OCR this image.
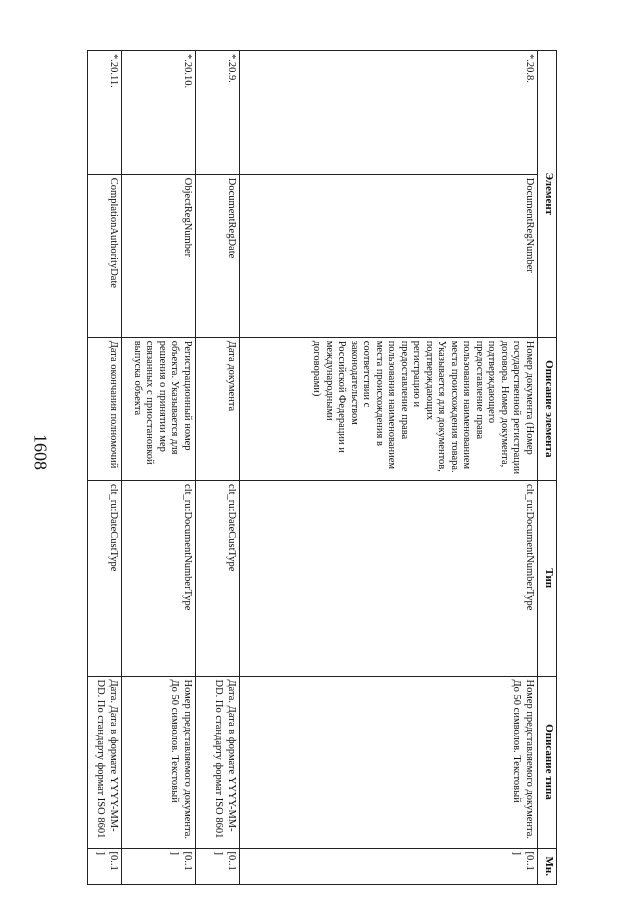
1608
Элемент		Описание элемента	Тип	Описание типа	Мн.
*.20.8.	DocumentRegNumber	Номер документа (Номер государственной регистрации договора. Номер документа, подтверждающего предоставление права пользования наименованием места происхождения товара. Указывается для документов, подтверждающих регистрацию и предоставление права пользования наименованием места происхождения в соответствии с законодательством Российской Федерации и международными договорами)	clt_ru:DocumentNumberType	Номер представляемого документа. До 50 символов. Текстовый	[0..1
]
*.20.9.	DocumentRegDate	Дата документа	clt_ru:DateCustType	Дата. Дата в формате YYYY-MM-DD. По стандарту формат ISO 8601	[0..1
]
*.20.10.	ObjectRegNumber	Регистрационный номер объекта. Указывается для решения о принятии мер связанных с приостановкой выпуска объекта	clt_ru:DocumentNumberType	Номер представляемого документа. До 50 символов. Текстовый	[0..1
]
*.20.11.	ComplationAuthorityDate	Дата окончания полномочий	clt_ru:DateCustType	Дата. Дата в формате YYYY-MM-DD. По стандарту формат ISO 8601	[0..1
]
